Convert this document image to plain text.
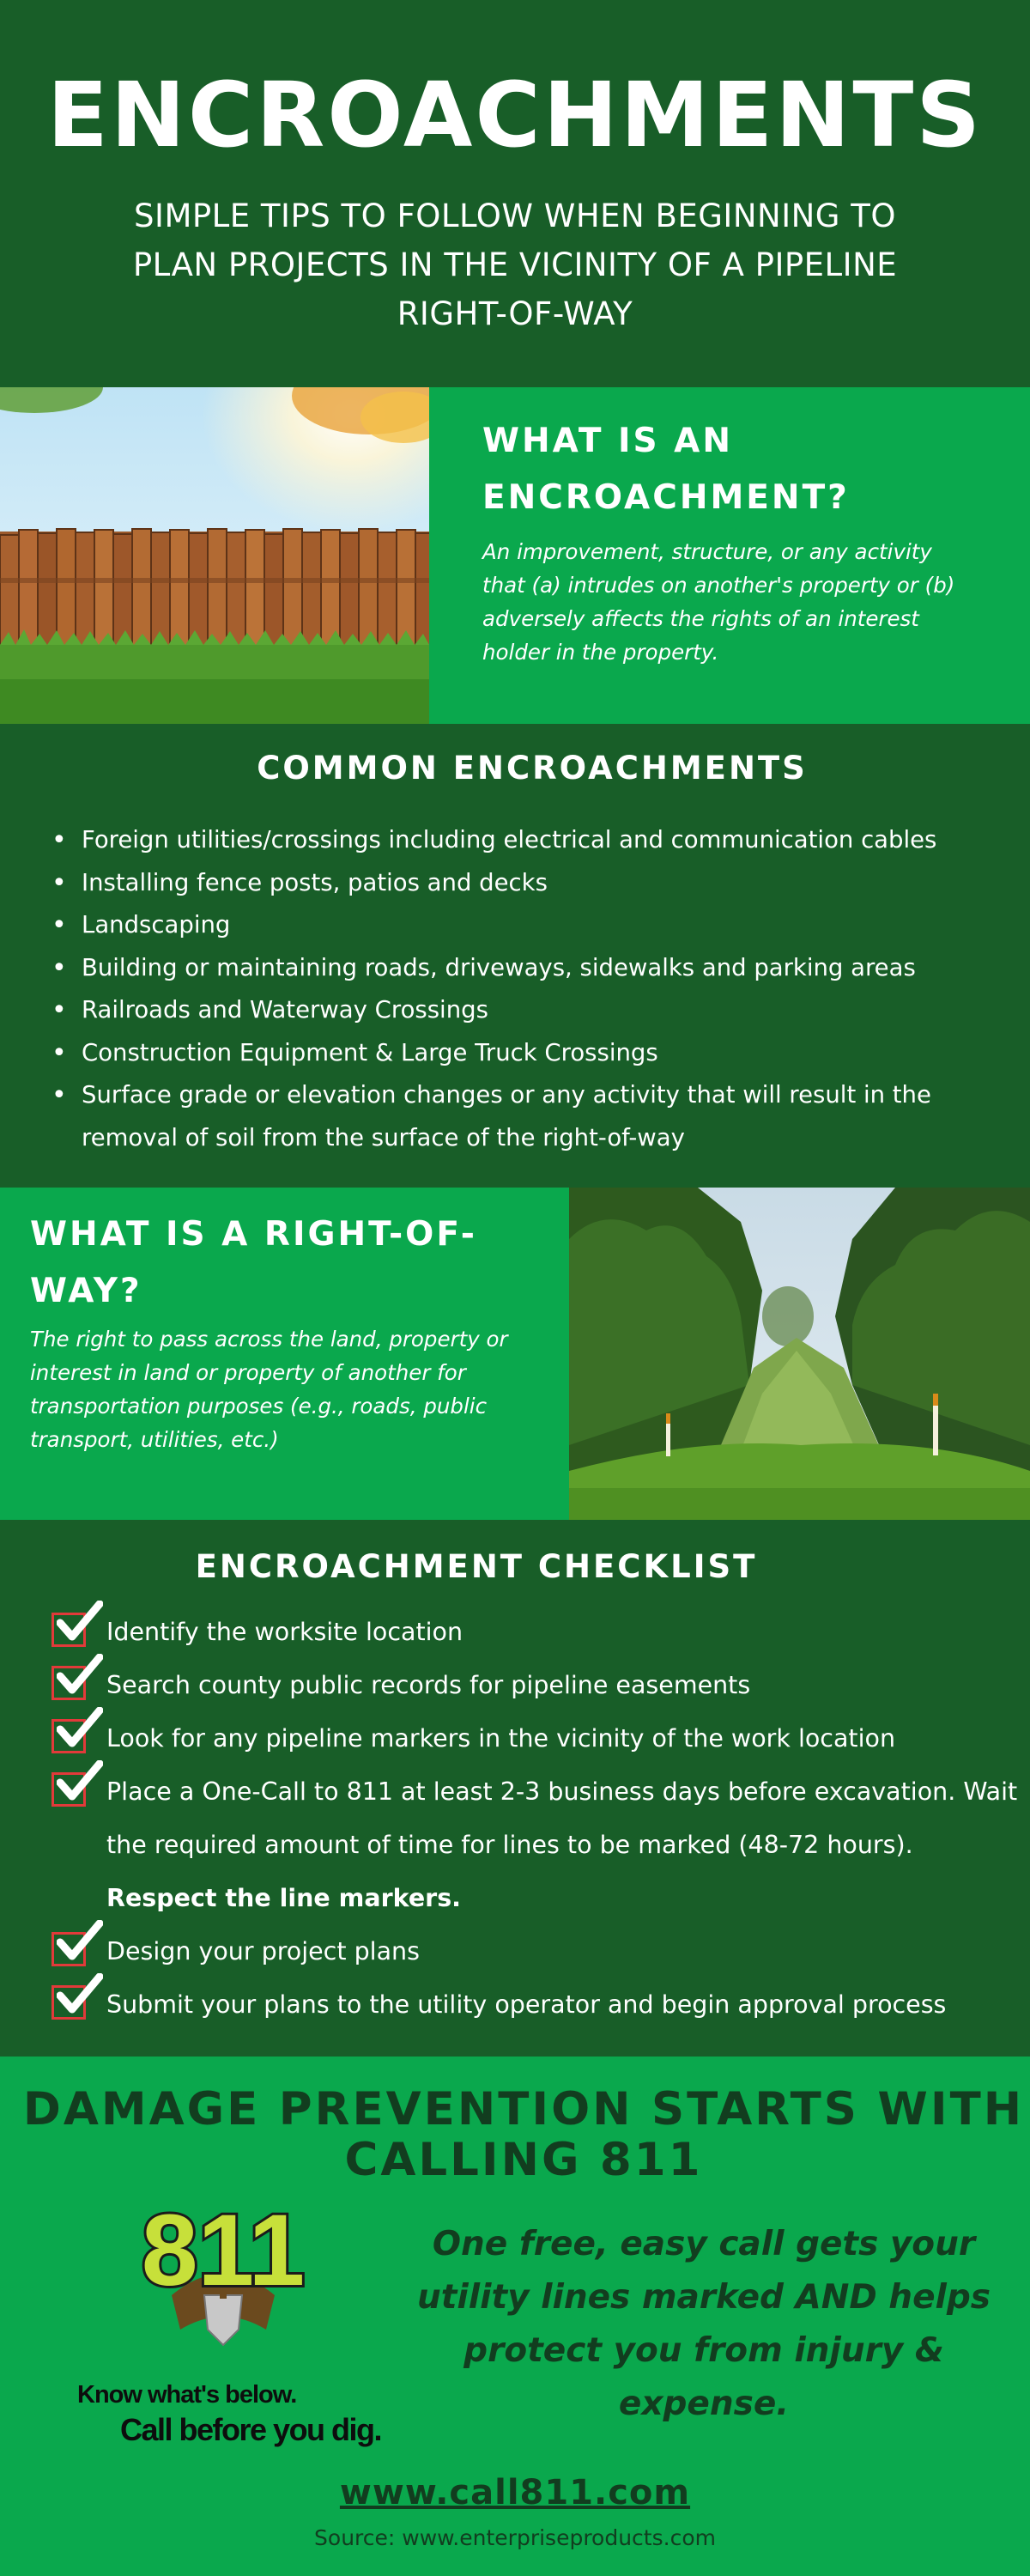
ENCROACHMENTS
SIMPLE TIPS TO FOLLOW WHEN BEGINNING TO PLAN PROJECTS IN THE VICINITY OF A PIPELINE RIGHT-OF-WAY
WHAT IS AN ENCROACHMENT?

An improvement, structure, or any activity that (a) intrudes on another's property or (b) adversely affects the rights of an interest holder in the property.

COMMON ENCROACHMENTS
• Foreign utilities/crossings including electrical and communication cables
• Installing fence posts, patios and decks
• Landscaping
• Building or maintaining roads, driveways, sidewalks and parking areas
• Railroads and Waterway Crossings
• Construction Equipment & Large Truck Crossings
• Surface grade or elevation changes or any activity that will result in the removal of soil from the surface of the right-of-way
WHAT IS A RIGHT-OF-WAY?

The right to pass across the land, property or interest in land or property of another for transportation purposes (e.g., roads, public transport, utilities, etc.)

ENCROACHMENT CHECKLIST
Identify the worksite location
Search county public records for pipeline easements
Look for any pipeline markers in the vicinity of the work location
Place a One-Call to 811 at least 2-3 business days before excavation. Wait the required amount of time for lines to be marked (48-72 hours). Respect the line markers.
Design your project plans
Submit your plans to the utility operator and begin approval process
DAMAGE PREVENTION STARTS WITH CALLING 811
811
Know what's below.
Call before you dig.
One free, easy call gets your utility lines marked AND helps protect you from injury & expense.
www.call811.com
Source: www.enterpriseproducts.com
